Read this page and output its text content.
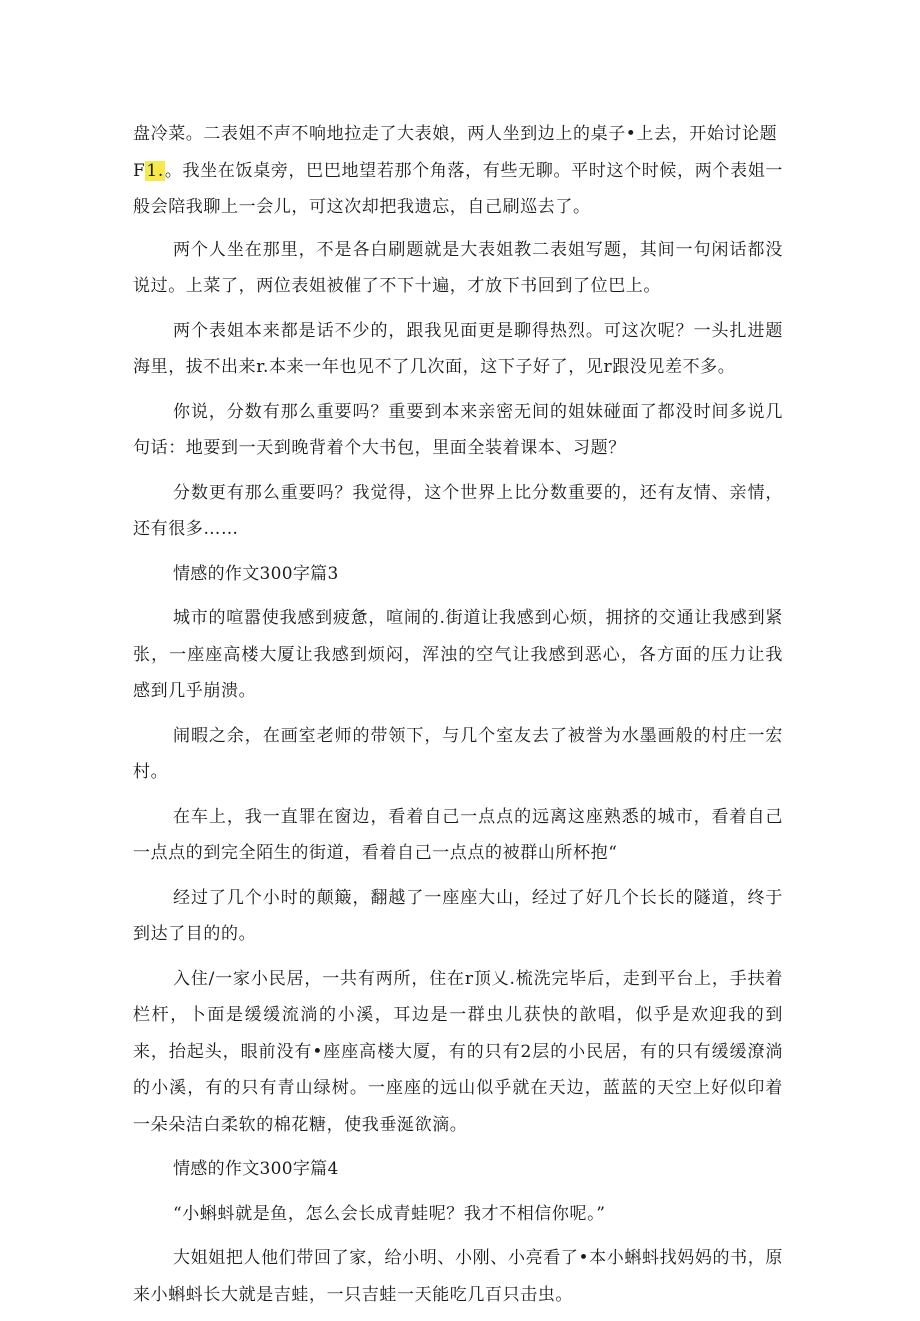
盘冷菜。二表姐不声不响地拉走了大表娘，两人坐到边上的桌子•上去，开始讨论题
F1.。我坐在饭桌旁，巴巴地望若那个角落，有些无聊。平时这个时候，两个表姐一般会陪我聊上一会儿，可这次却把我遗忘，自己刷巡去了。

两个人坐在那里，不是各白刷题就是大表姐教二表姐写题，其间一句闲话都没说过。上菜了，两位表姐被催了不下十遍，才放下书回到了位巴上。

两个表姐本来都是话不少的，跟我见面更是聊得热烈。可这次呢？一头扎进题海里，拔不出来r.本来一年也见不了几次面，这下子好了，见r跟没见差不多。

你说，分数有那么重要吗？重要到本来亲密无间的姐妹碰面了都没时间多说几句话：地要到一天到晚背着个大书包，里面全装着课本、习题？

分数更有那么重要吗？我觉得，这个世界上比分数重要的，还有友情、亲情，还有很多……

情感的作文300字篇3

城市的喧嚣使我感到疲惫，喧闹的.街道让我感到心烦，拥挤的交通让我感到紧张，一座座高楼大厦让我感到烦闷，浑浊的空气让我感到恶心，各方面的压力让我感到几乎崩溃。

闹暇之余，在画室老师的带领下，与几个室友去了被誉为水墨画般的村庄一宏村。

在车上，我一直罪在窗边，看着自己一点点的远离这座熟悉的城市，看着自己一点点的到完全陌生的街道，看着自己一点点的被群山所杯抱“

经过了几个小时的颠簸，翻越了一座座大山，经过了好几个长长的隧道，终于到达了目的的。

入住/一家小民居，一共有两所，住在r顶乂.梳洗完毕后，走到平台上，手扶着栏杆，卜面是缓缓流淌的小溪，耳边是一群虫儿获快的歆唱，似乎是欢迎我的到来，抬起头，眼前没有•座座高楼大厦，有的只有2层的小民居，有的只有缓缓潦淌的小溪，有的只有青山绿树。一座座的远山似乎就在天边，蓝蓝的天空上好似印着一朵朵洁白柔软的棉花糖，使我垂涎欲滴。

情感的作文300字篇4

“小蝌蚪就是鱼，怎么会长成青蛙呢？我才不相信你呢。”

大姐姐把人他们带回了家，给小明、小刚、小亮看了•本小蝌蚪找妈妈的书，原来小蝌蚪长大就是吉蛙，一只吉蛙一天能吃几百只击虫。
